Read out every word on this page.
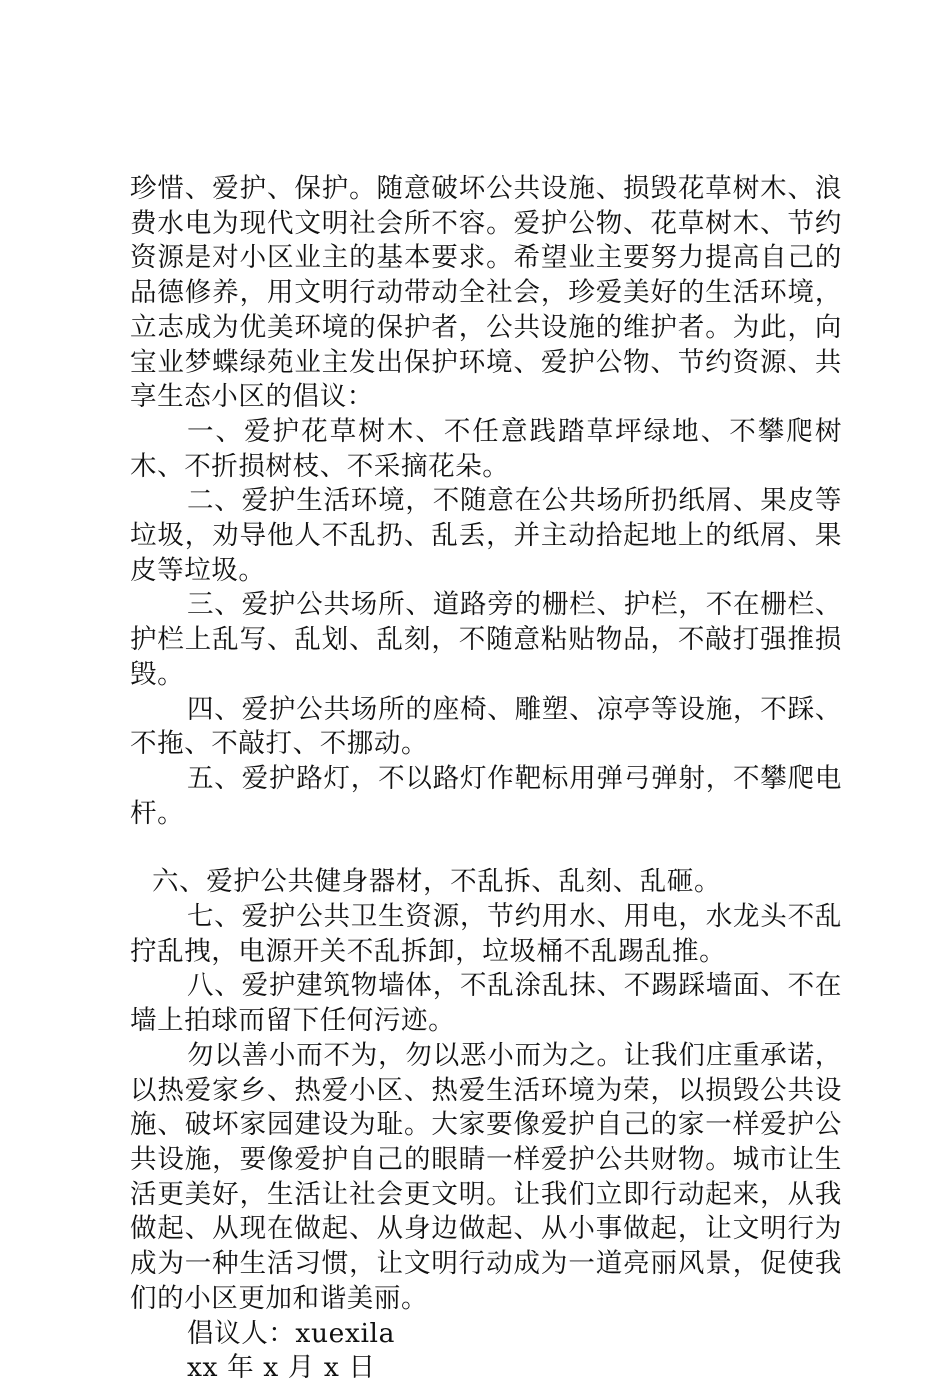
珍惜、爱护、保护。随意破坏公共设施、损毁花草树木、浪费水电为现代文明社会所不容。爱护公物、花草树木、节约资源是对小区业主的基本要求。希望业主要努力提高自己的品德修养，用文明行动带动全社会，珍爱美好的生活环境，立志成为优美环境的保护者，公共设施的维护者。为此，向宝业梦蝶绿苑业主发出保护环境、爱护公物、节约资源、共享生态小区的倡议：

一、爱护花草树木、不任意践踏草坪绿地、不攀爬树木、不折损树枝、不采摘花朵。

二、爱护生活环境，不随意在公共场所扔纸屑、果皮等垃圾，劝导他人不乱扔、乱丢，并主动拾起地上的纸屑、果皮等垃圾。

三、爱护公共场所、道路旁的栅栏、护栏，不在栅栏、护栏上乱写、乱划、乱刻，不随意粘贴物品，不敲打强推损毁。

四、爱护公共场所的座椅、雕塑、凉亭等设施，不踩、不拖、不敲打、不挪动。

五、爱护路灯，不以路灯作靶标用弹弓弹射，不攀爬电杆。

六、爱护公共健身器材，不乱拆、乱刻、乱砸。

七、爱护公共卫生资源，节约用水、用电，水龙头不乱拧乱拽，电源开关不乱拆卸，垃圾桶不乱踢乱推。

八、爱护建筑物墙体，不乱涂乱抹、不踢踩墙面、不在墙上拍球而留下任何污迹。

勿以善小而不为，勿以恶小而为之。让我们庄重承诺，以热爱家乡、热爱小区、热爱生活环境为荣，以损毁公共设施、破坏家园建设为耻。大家要像爱护自己的家一样爱护公共设施，要像爱护自己的眼睛一样爱护公共财物。城市让生活更美好，生活让社会更文明。让我们立即行动起来，从我做起、从现在做起、从身边做起、从小事做起，让文明行为成为一种生活习惯，让文明行动成为一道亮丽风景，促使我们的小区更加和谐美丽。

倡议人：xuexila

xx 年 x 月 x 日
